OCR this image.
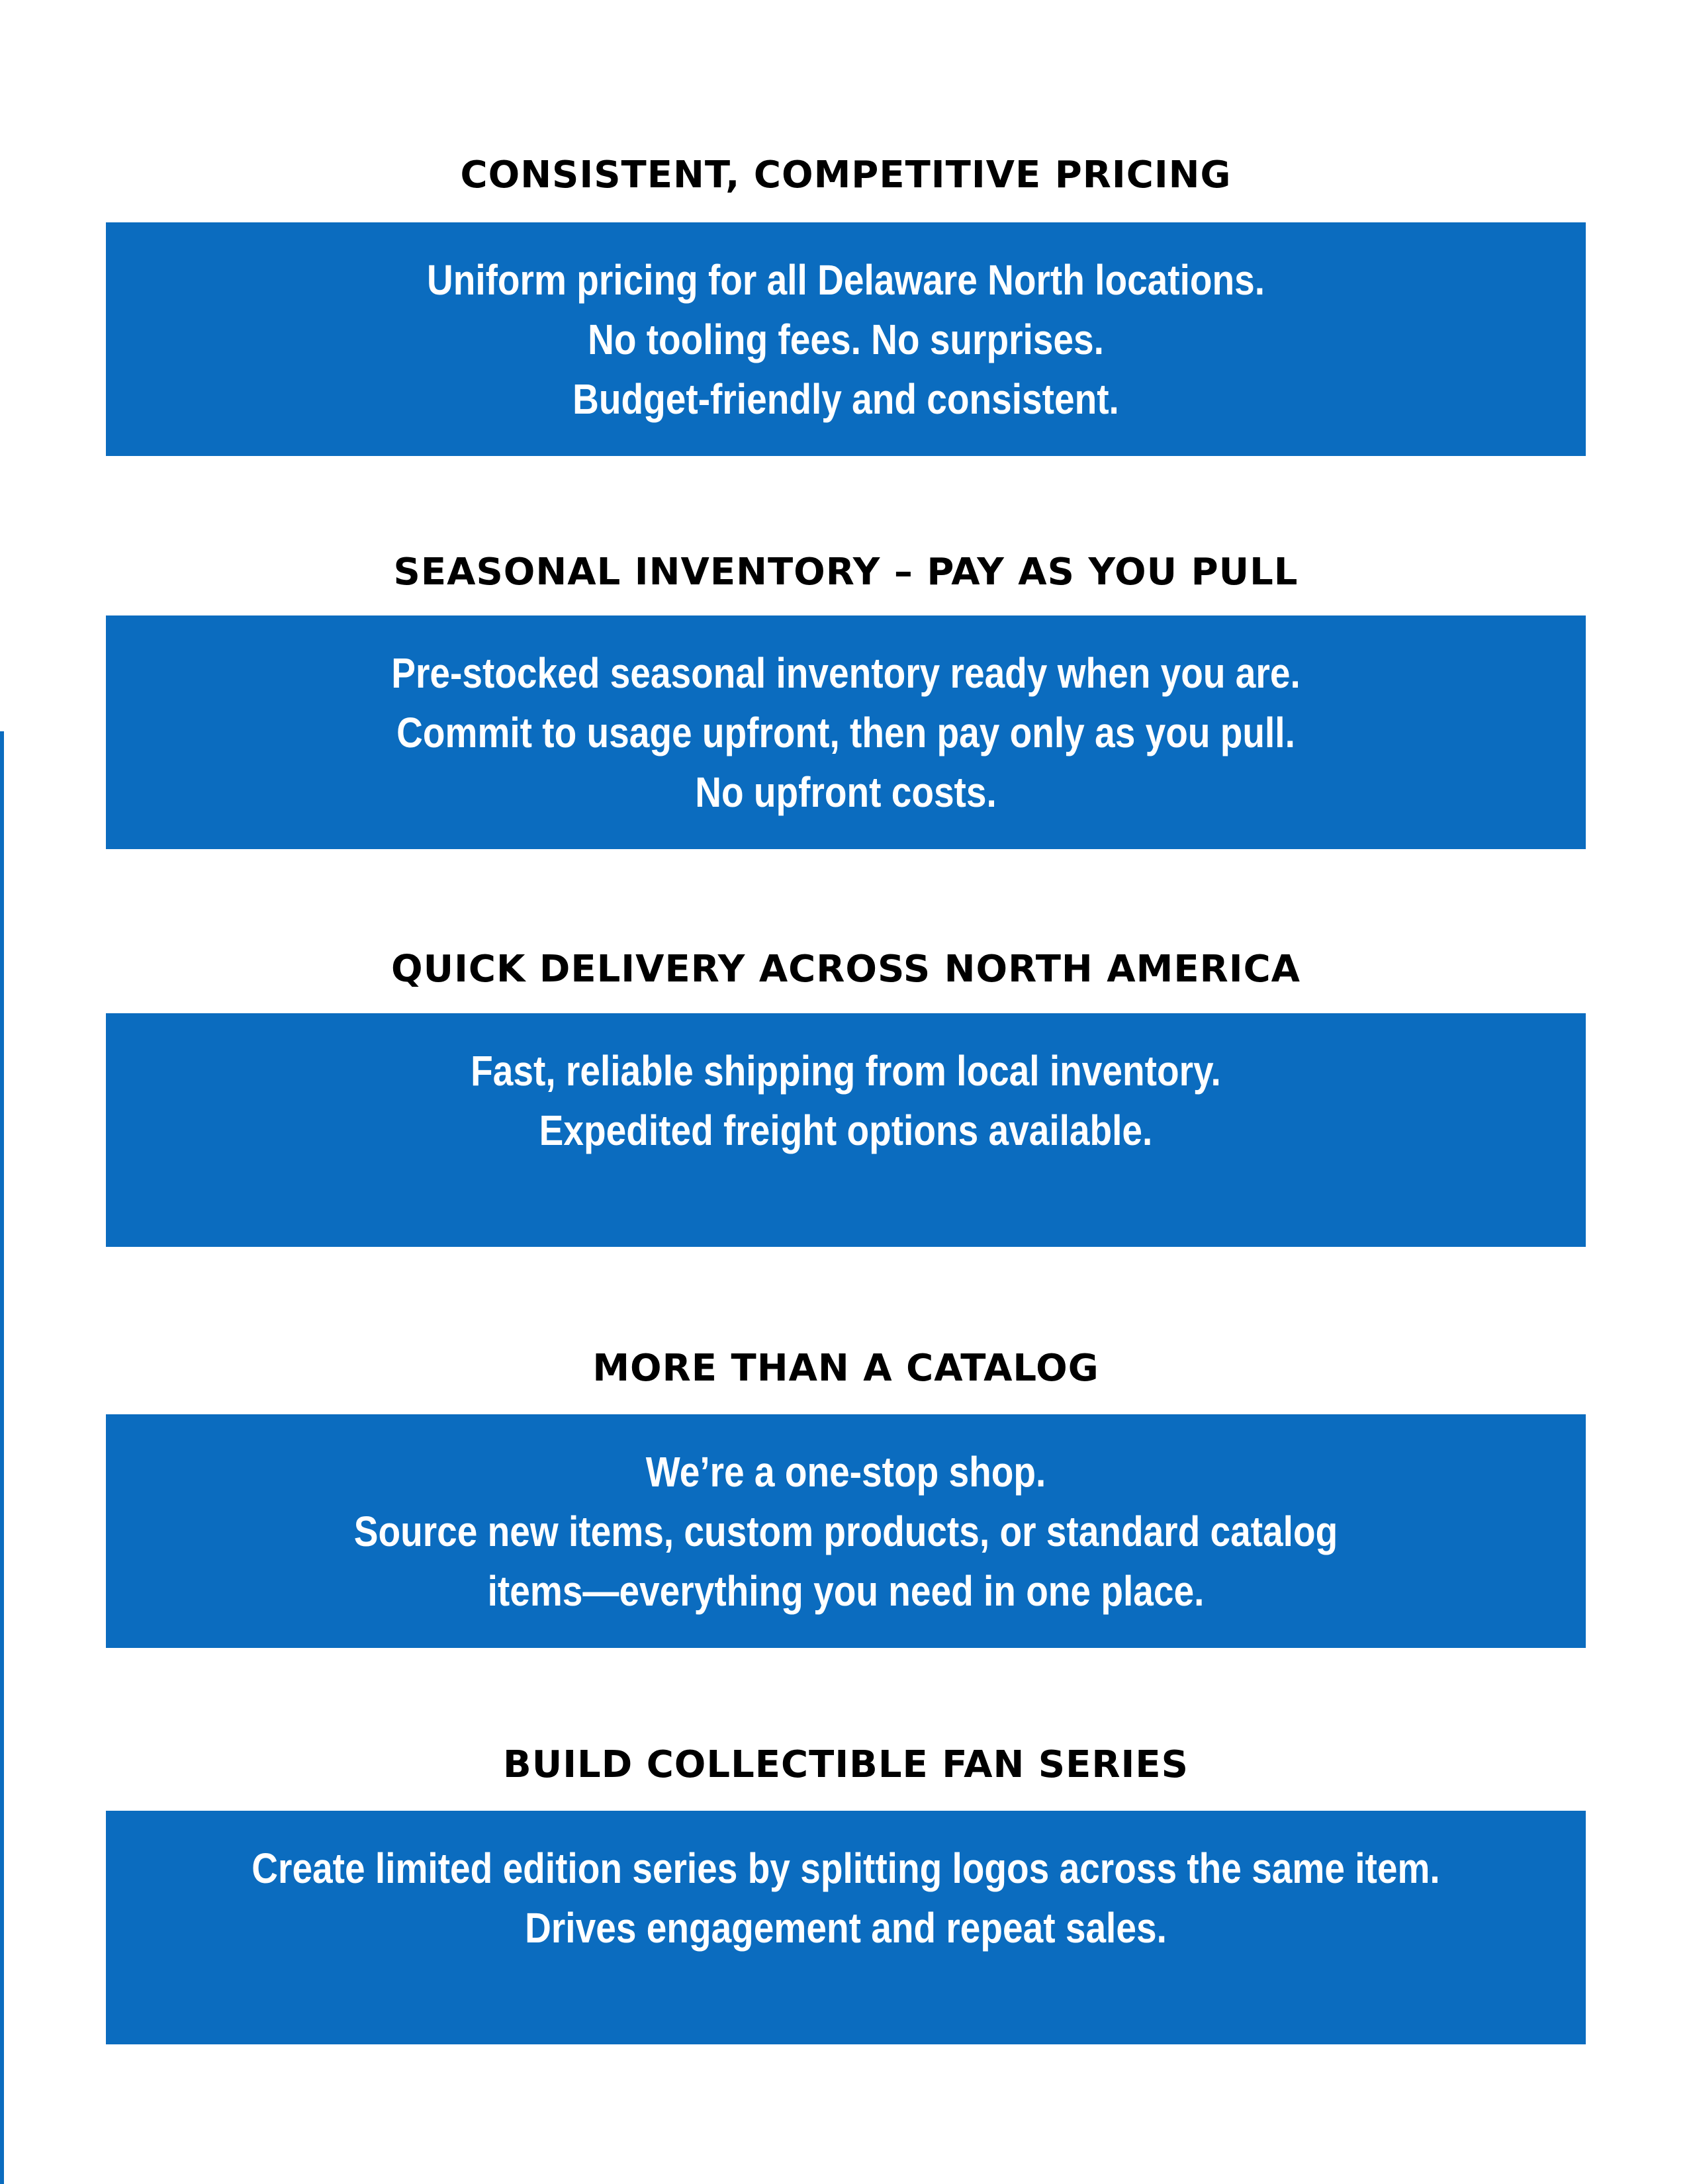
CONSISTENT, COMPETITIVE PRICING
Uniform pricing for all Delaware North locations.
No tooling fees. No surprises.
Budget-friendly and consistent.
SEASONAL INVENTORY – PAY AS YOU PULL
Pre-stocked seasonal inventory ready when you are.
Commit to usage upfront, then pay only as you pull.
No upfront costs.
QUICK DELIVERY ACROSS NORTH AMERICA
Fast, reliable shipping from local inventory.
Expedited freight options available.
MORE THAN A CATALOG
We’re a one-stop shop.
Source new items, custom products, or standard catalog
items—everything you need in one place.
BUILD COLLECTIBLE FAN SERIES
Create limited edition series by splitting logos across the same item.
Drives engagement and repeat sales.
